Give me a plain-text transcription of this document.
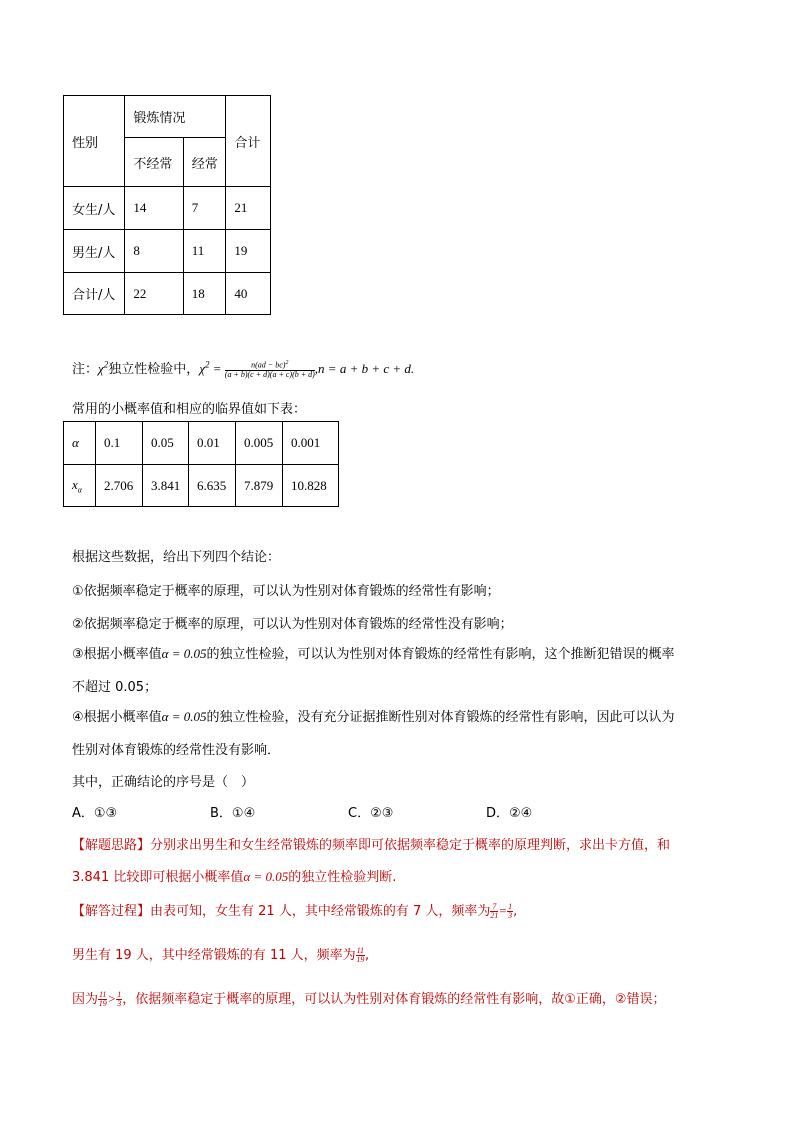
性别	锻炼情况		合计
	不经常	经常	
女生/人	14	7	21
男生/人	8	11	19
合计/人	22	18	40
注：$\chi^2$独立性检验中，$\chi^2 = \frac{n(ad - bc)^2}{(a + b)(c + d)(a + c)(b + d)} ,n = a + b + c + d$.
常用的小概率值和相应的临界值如下表：
α	0.1	0.05	0.01	0.005	0.001
$x_\alpha$	2.706	3.841	6.635	7.879	10.828
根据这些数据，给出下列四个结论：
①依据频率稳定于概率的原理，可以认为性别对体育锻炼的经常性有影响；
②依据频率稳定于概率的原理，可以认为性别对体育锻炼的经常性没有影响；
③根据小概率值α = 0.05的独立性检验，可以认为性别对体育锻炼的经常性有影响，这个推断犯错误的概率
不超过 0.05；
④根据小概率值α = 0.05的独立性检验，没有充分证据推断性别对体育锻炼的经常性有影响，因此可以认为
性别对体育锻炼的经常性没有影响．
其中，正确结论的序号是（　）
A．①③	B．①④	C．②③	D．②④
【解题思路】分别求出男生和女生经常锻炼的频率即可依据频率稳定于概率的原理判断，求出卡方值，和
3.841 比较即可根据小概率值α = 0.05的独立性检验判断.
【解答过程】由表可知，女生有 21 人，其中经常锻炼的有 7 人，频率为 $\frac{7}{21} = \frac{1}{3}$ ,
男生有 19 人，其中经常锻炼的有 11 人，频率为 $\frac{11}{19}$ ,
因为 $\frac{11}{19} > \frac{1}{3}$ ，依据频率稳定于概率的原理，可以认为性别对体育锻炼的经常性有影响，故①正确，②错误；
